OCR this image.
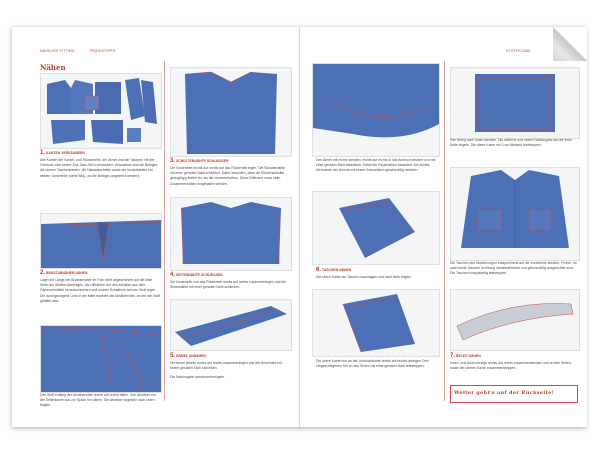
NÄHKURS FITTING	PRAXISTIPPS
Nähen
1.KANTEN VERSÄUBERN
Alle Kanten der Vorder- und Rückenteile, der Ärmel und der Taschen mit der Overlock oder einem Zick-Zack-Stich versäubern. Ausnahme sind die Beleges, die oberen Taschenkanten, die Halsausschnitte sowie die Vorderkanten bei beiden Vorderteile (siehe Bild), wo die Beleges angelehnt werden).
2.BRUSTABNÄHER NÄHEN
Lage und Länge der Brustabnäher im Foto nicht angezeichnet auf die linke Seite des Stoffes übertragen. Als Hilfslinien von den Abnäher aus dem Papierschnittteil herausschneiden und einzeln Schablone auf den Stoff legen. Die durchgezogene Linie in der Mitte markiert die Abnähermitte, an der der Stoff gefaltet wird.
Den Stoff entlang der Abnähermitte rechts auf rechts falten. Den Abnäher von der Seitenkante aus zur Spitze hin nähen. Die Abnäher ungefähr nach unten bügeln.
3.SCHULTERNÄHTE SCHLIESSEN
Die Vorderteile rechts auf rechts auf das Rückenteil legen. Die Schulternähte mit einer geraden Naht schließen. Dabei beachten, dass die Rückenschulter geringfügig breiter ist, als die Vorderschultern. Diese Differenz muss beim Zusammennähen eingehalten werden.
4.SEITENNÄHTE SCHLIESSEN
Die Vorderteile und das Rückenteil rechts auf rechts zusammenlegen und die Seitennähte mit einer geraden Naht schließen.
5.ÄRMEL ANNÄHEN
Die Ärmel jeweils rechts auf rechts zusammenlegen und die Ärmelnaht mit einem geraden Stich schließen.
Die Nahtzugabe auseinanderbügeln.
STOFFKOMBI
Den Ärmel mit rechts wenden, rechts auf rechts in das Armloch stecken und mit einer geraden Naht festnähen. Dabei die Passmarken beachten. Die leichte Mehrweite des Ärmels mit einem Kräuselstich gleichmäßig verteilen.
6.TASCHEN NÄHEN
Die obere Kante der Tasche umschlagen und nach links bügeln.
Die obere Kante nun an der Umbruchkante rechts auf rechts umlegen. Den umgeschlagenen Teil an den Seiten mit einer geraden Naht feststeppen.
Den Beleg nach innen wenden. Die seitliche und untere Nahtzugabe auf die linke Seite bügeln. Die obere Kante mit 3 cm Abstand feststeppen.
Die Taschen den Markierungen entsprechend auf die Vorderteile stecken. Prüfen, ob auch beide Taschen im Bezug übereinstimmen und gleichmäßig ausgerichtet sind. Die Taschen knappkantig feststeppen.
7.BELEG NÄHEN
Innen- und Außenbelegs rechts auf rechts zusammenstecken und an den Seiten, sowie der oberen Kante zusammensteppen.
Weiter geht's auf der Rückseite!
